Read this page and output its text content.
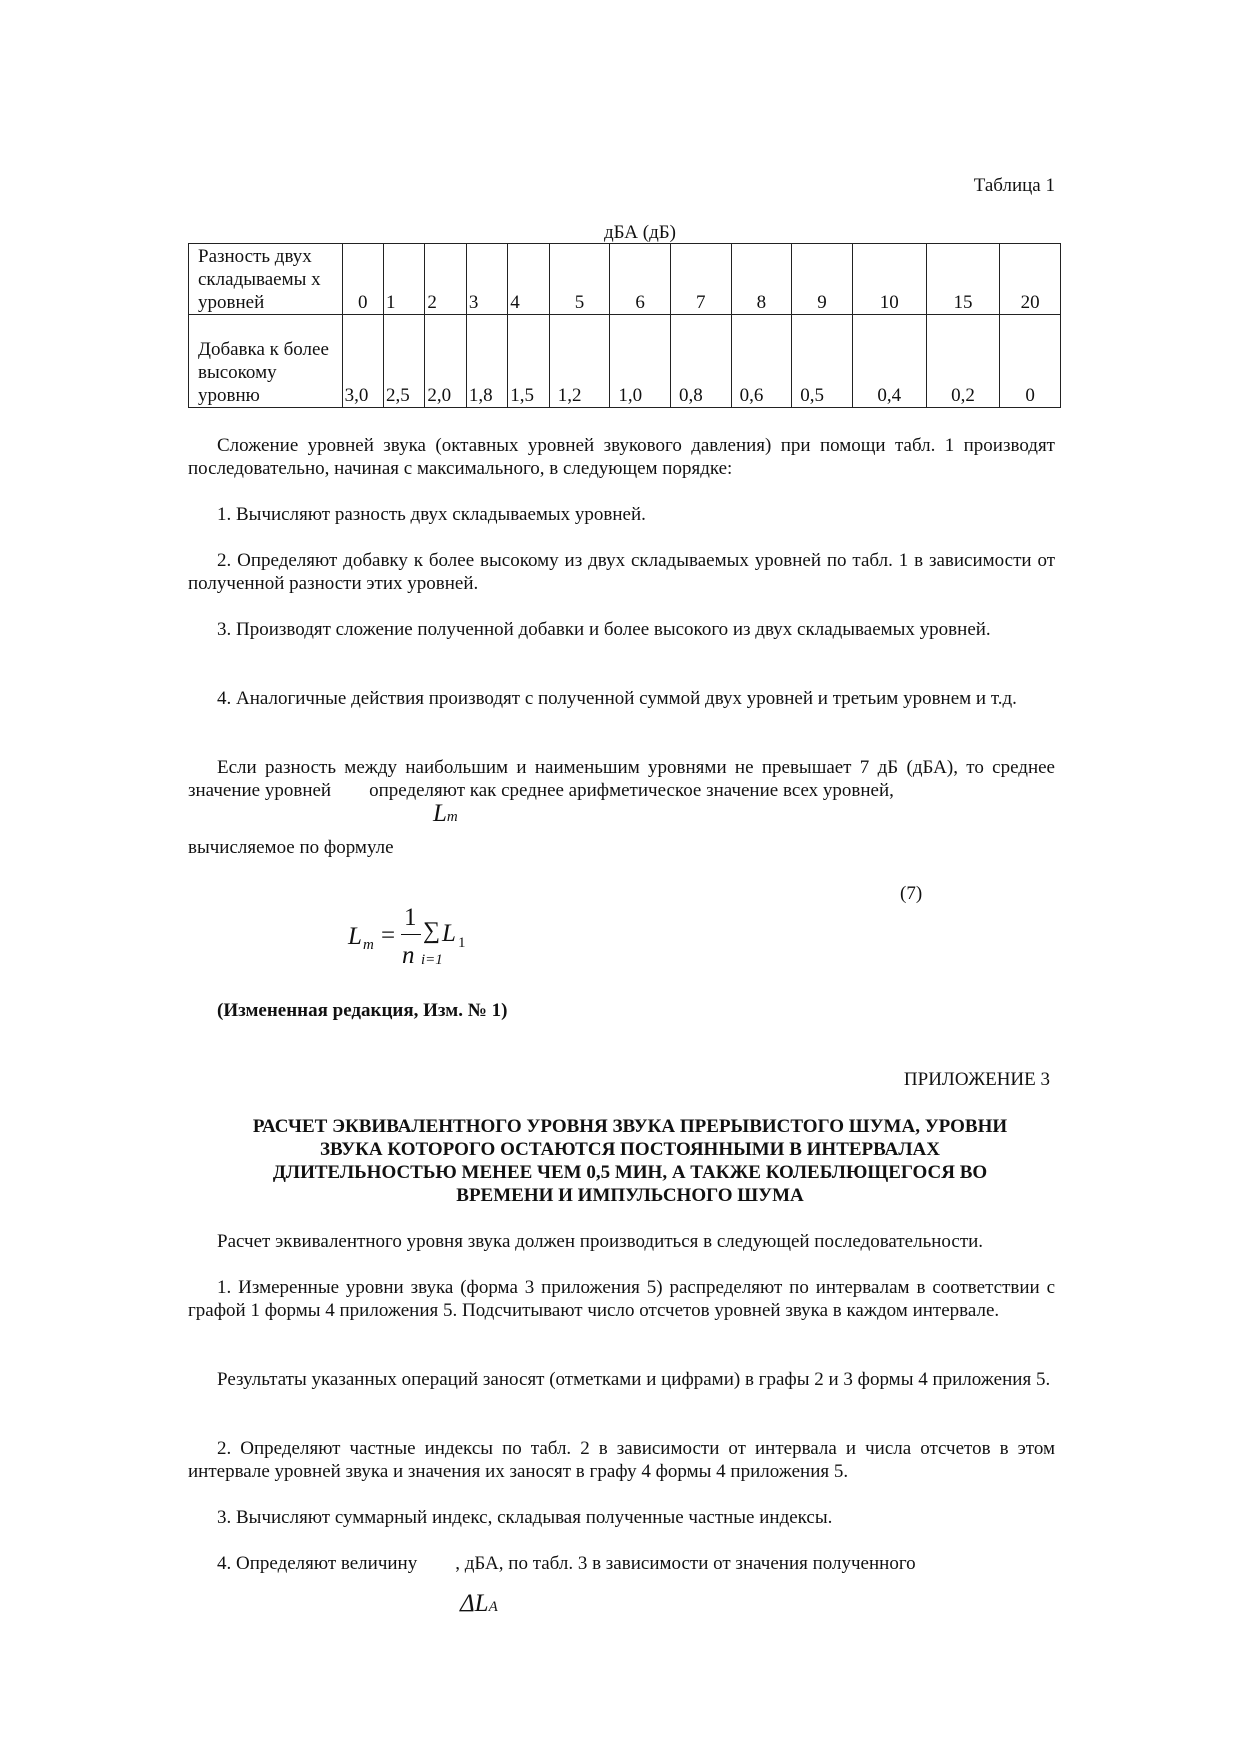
Таблица 1
дБА (дБ)
Разность двух складываемы х уровней	0	1	2	3	4	5	6	7	8	9	10	15	20
Добавка к более высокому уровню	3,0	2,5	2,0	1,8	1,5	1,2	1,0	0,8	0,6	0,5	0,4	0,2	0
Сложение уровней звука (октавных уровней звукового давления) при помощи табл. 1 производят последовательно, начиная с максимального, в следующем порядке:
1. Вычисляют разность двух складываемых уровней.
2. Определяют добавку к более высокому из двух складываемых уровней по табл. 1 в зависимости от полученной разности этих уровней.
3. Производят сложение полученной добавки и более высокого из двух складываемых уровней.
4. Аналогичные действия производят с полученной суммой двух уровней и третьим уровнем и т.д.
Если разность между наибольшим и наименьшим уровнями не превышает 7 дБ (дБА), то среднее значение уровней        определяют как среднее арифметическое значение всех уровней,
Lm
вычисляемое по формуле
(7)
L m =
1
n
∑
i=1
L 1
(Измененная редакция, Изм. № 1)
ПРИЛОЖЕНИЕ 3
РАСЧЕТ ЭКВИВАЛЕНТНОГО УРОВНЯ ЗВУКА ПРЕРЫВИСТОГО ШУМА, УРОВНИ
ЗВУКА КОТОРОГО ОСТАЮТСЯ ПОСТОЯННЫМИ В ИНТЕРВАЛАХ
ДЛИТЕЛЬНОСТЬЮ МЕНЕЕ ЧЕМ 0,5 МИН, А ТАКЖЕ КОЛЕБЛЮЩЕГОСЯ ВО
ВРЕМЕНИ И ИМПУЛЬСНОГО ШУМА
Расчет эквивалентного уровня звука должен производиться в следующей последовательности.
1. Измеренные уровни звука (форма 3 приложения 5) распределяют по интервалам в соответствии с графой 1 формы 4 приложения 5. Подсчитывают число отсчетов уровней звука в каждом интервале.
Результаты указанных операций заносят (отметками и цифрами) в графы 2 и 3 формы 4 приложения 5.
2. Определяют частные индексы по табл. 2 в зависимости от интервала и числа отсчетов в этом интервале уровней звука и значения их заносят в графу 4 формы 4 приложения 5.
3. Вычисляют суммарный индекс, складывая полученные частные индексы.
4. Определяют величину        , дБА, по табл. 3 в зависимости от значения полученного
ΔLA
